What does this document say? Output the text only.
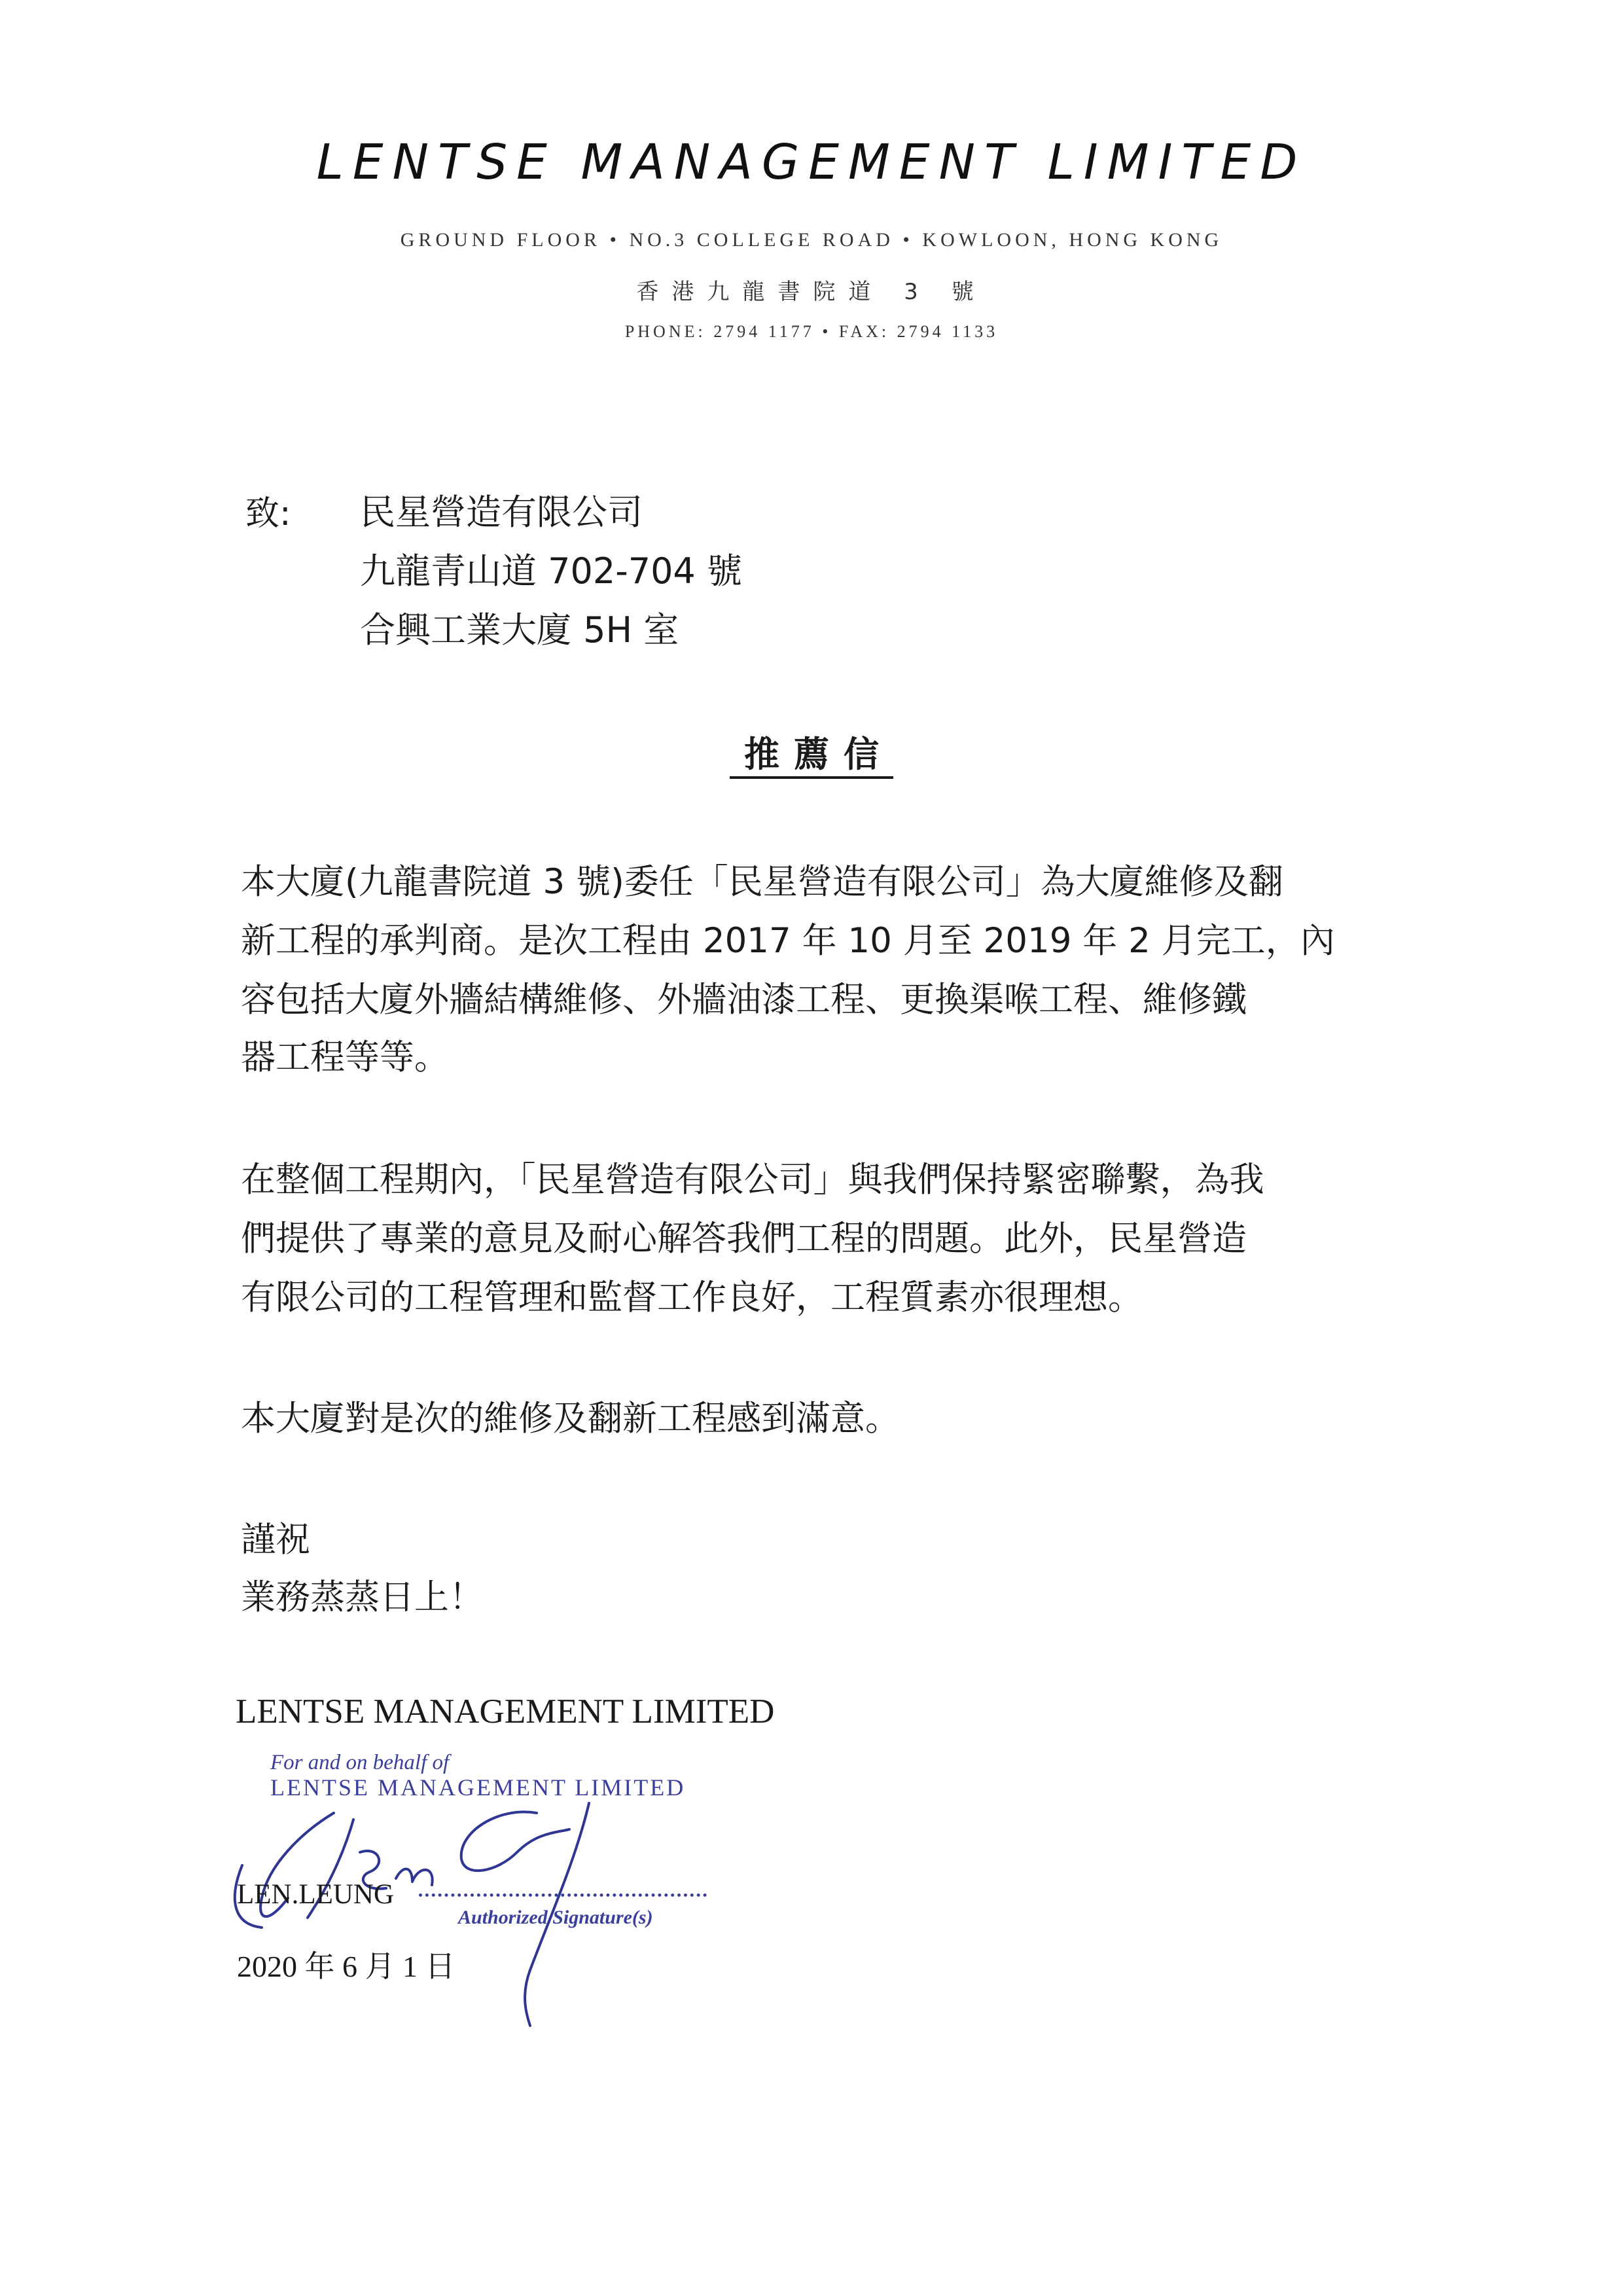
LENTSE MANAGEMENT LIMITED
GROUND FLOOR • NO.3 COLLEGE ROAD • KOWLOON, HONG KONG
香港九龍書院道 3 號
PHONE: 2794 1177 • FAX: 2794 1133
致: 民星營造有限公司
九龍青山道 702-704 號
合興工業大廈 5H 室
推薦信
本大廈(九龍書院道 3 號)委任「民星營造有限公司」為大廈維修及翻
新工程的承判商。是次工程由 2017 年 10 月至 2019 年 2 月完工，內
容包括大廈外牆結構維修、外牆油漆工程、更換渠喉工程、維修鐵
器工程等等。
在整個工程期內，「民星營造有限公司」與我們保持緊密聯繫，為我
們提供了專業的意見及耐心解答我們工程的問題。此外，民星營造
有限公司的工程管理和監督工作良好，工程質素亦很理想。
本大廈對是次的維修及翻新工程感到滿意。
謹祝
業務蒸蒸日上！
LENTSE MANAGEMENT LIMITED
For and on behalf of
LENTSE MANAGEMENT LIMITED
LEN.LEUNG
Authorized Signature(s)
2020 年 6 月 1 日
